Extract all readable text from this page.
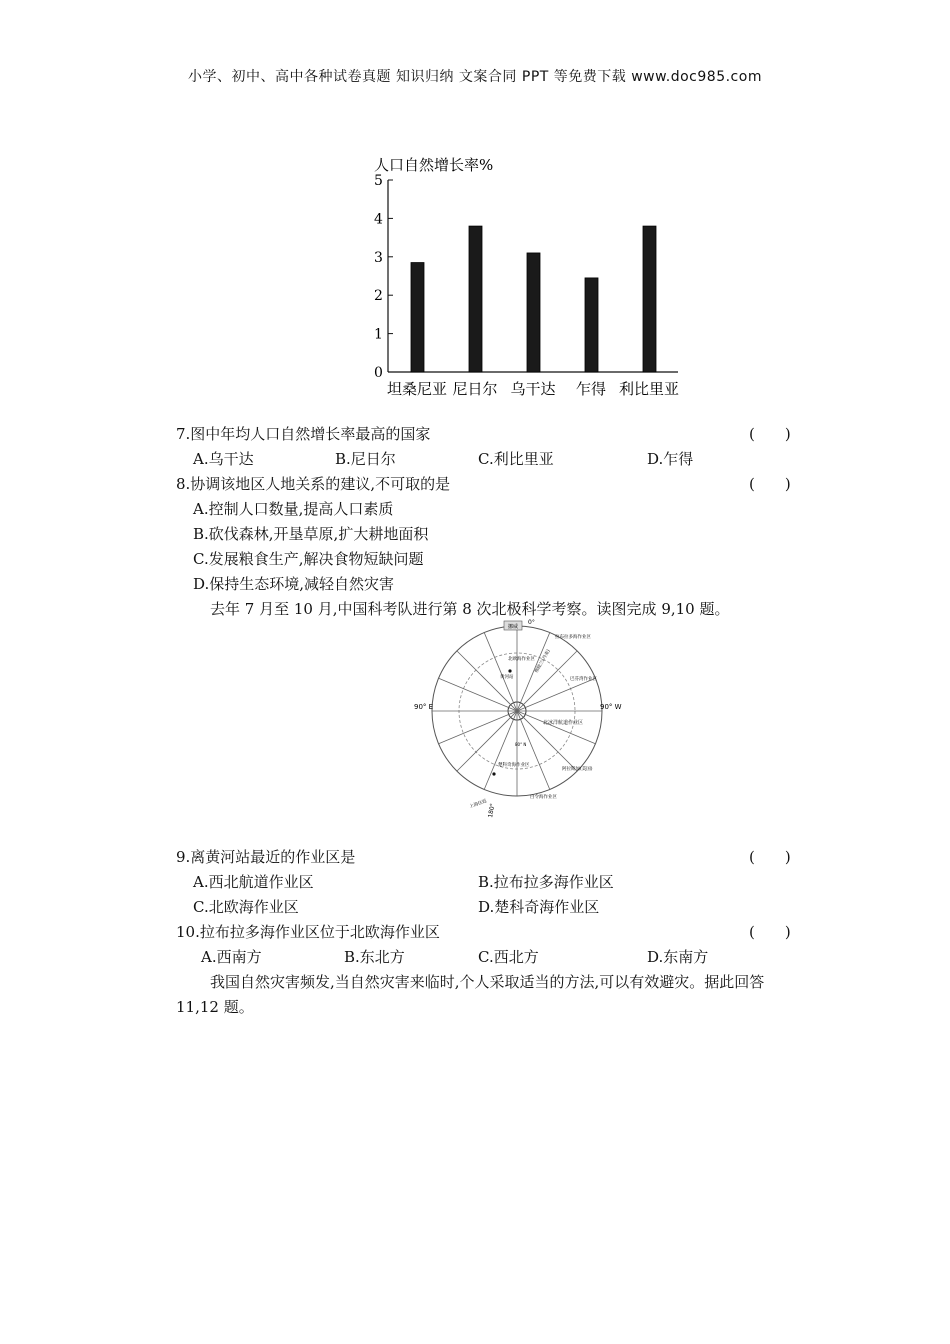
小学、初中、高中各种试卷真题 知识归纳 文案合同 PPT 等免费下载 www.doc985.com
人口自然增长率%
0
1
2
3
4
5
坦桑尼亚 尼日尔 乌干达 乍得 利比里亚
7.图中年均人口自然增长率最高的国家	(　　)
A.乌干达	B.尼日尔	C.利比里亚	D.乍得
8.协调该地区人地关系的建议,不可取的是	(　　)
A.控制人口数量,提高人口素质
B.砍伐森林,开垦草原,扩大耕地面积
C.发展粮食生产,解决食物短缺问题
D.保持生态环境,减轻自然灾害
去年 7 月至 10 月,中国科考队进行第 8 次北极科学考察。读图完成 9,10 题。
挪威
0°
90° E	90° W
180°
拉布拉多海作业区
北欧海作业区
黄河站
格陵兰(丹麦)
巴芬湾作业区
北冰洋航道作业区
楚科奇海作业区
阿拉斯加(美国)
白令海作业区
上海往返
80° N
9.离黄河站最近的作业区是	(　　)
A.西北航道作业区	B.拉布拉多海作业区
C.北欧海作业区	D.楚科奇海作业区
10.拉布拉多海作业区位于北欧海作业区	(　　)
A.西南方	B.东北方	C.西北方	D.东南方
我国自然灾害频发,当自然灾害来临时,个人采取适当的方法,可以有效避灾。据此回答
11,12 题。
